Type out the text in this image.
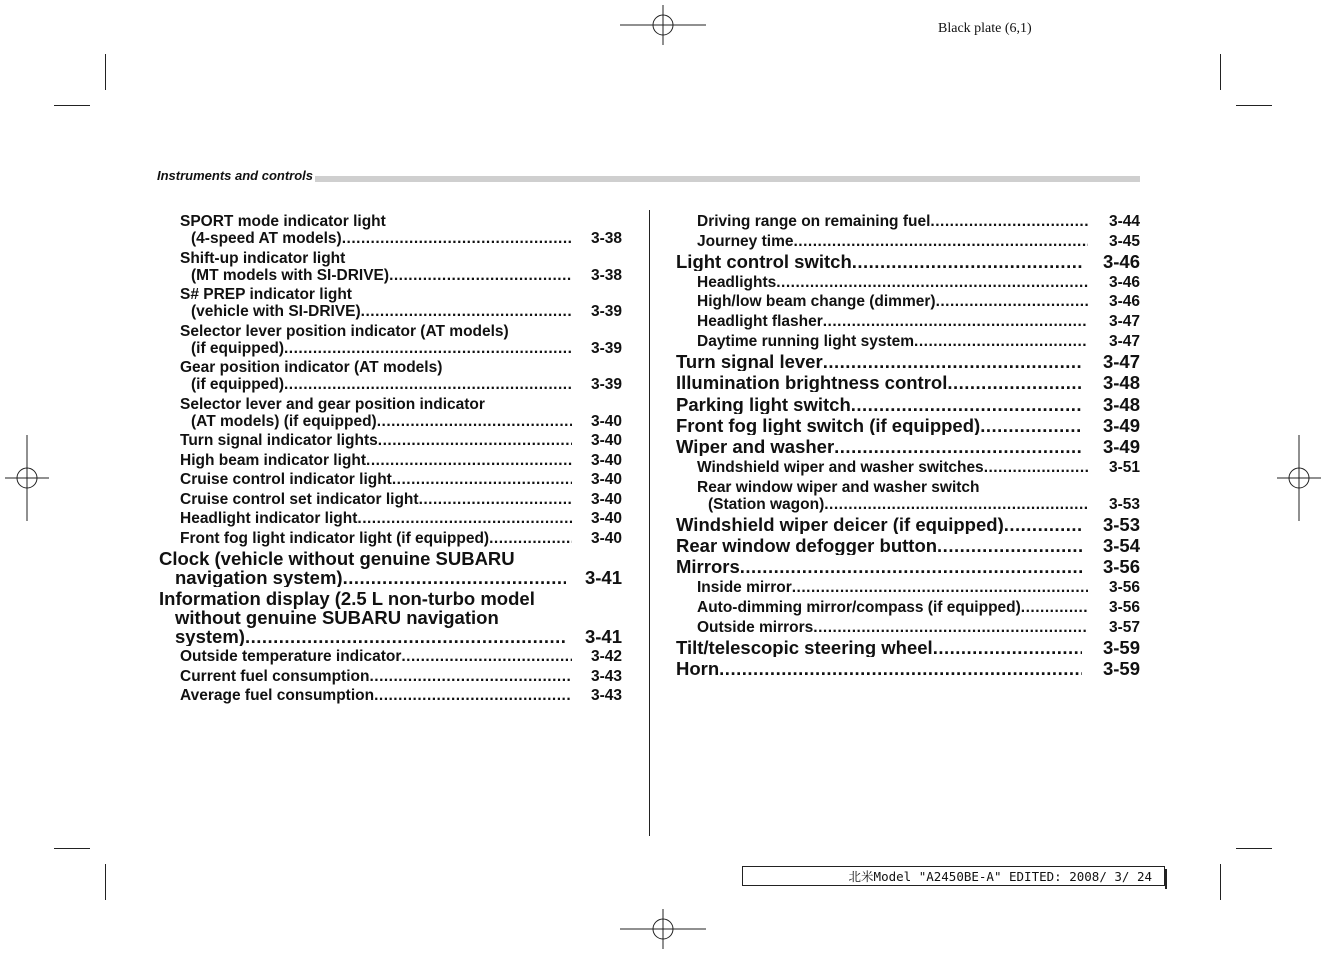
Black plate (6,1)
Instruments and controls
SPORT mode indicator light
(4-speed AT models) .....	3-38
Shift-up indicator light
(MT models with SI-DRIVE) .....	3-38
S# PREP indicator light
(vehicle with SI-DRIVE) .....	3-39
Selector lever position indicator (AT models)
(if equipped) .....	3-39
Gear position indicator (AT models)
(if equipped) .....	3-39
Selector lever and gear position indicator
(AT models) (if equipped) .....	3-40
Turn signal indicator lights .....	3-40
High beam indicator light .....	3-40
Cruise control indicator light .....	3-40
Cruise control set indicator light .....	3-40
Headlight indicator light .....	3-40
Front fog light indicator light (if equipped) .....	3-40
Clock (vehicle without genuine SUBARU
navigation system) .....	3-41
Information display (2.5 L non-turbo model
without genuine SUBARU navigation
system) .....	3-41
Outside temperature indicator .....	3-42
Current fuel consumption .....	3-43
Average fuel consumption .....	3-43
Driving range on remaining fuel .....	3-44
Journey time .....	3-45
Light control switch .....	3-46
Headlights .....	3-46
High/low beam change (dimmer) .....	3-46
Headlight flasher .....	3-47
Daytime running light system .....	3-47
Turn signal lever .....	3-47
Illumination brightness control .....	3-48
Parking light switch .....	3-48
Front fog light switch (if equipped) .....	3-49
Wiper and washer .....	3-49
Windshield wiper and washer switches .....	3-51
Rear window wiper and washer switch
(Station wagon) .....	3-53
Windshield wiper deicer (if equipped) .....	3-53
Rear window defogger button .....	3-54
Mirrors .....	3-56
Inside mirror .....	3-56
Auto-dimming mirror/compass (if equipped) .....	3-56
Outside mirrors .....	3-57
Tilt/telescopic steering wheel .....	3-59
Horn .....	3-59
北米Model "A2450BE-A" EDITED: 2008/ 3/ 24
